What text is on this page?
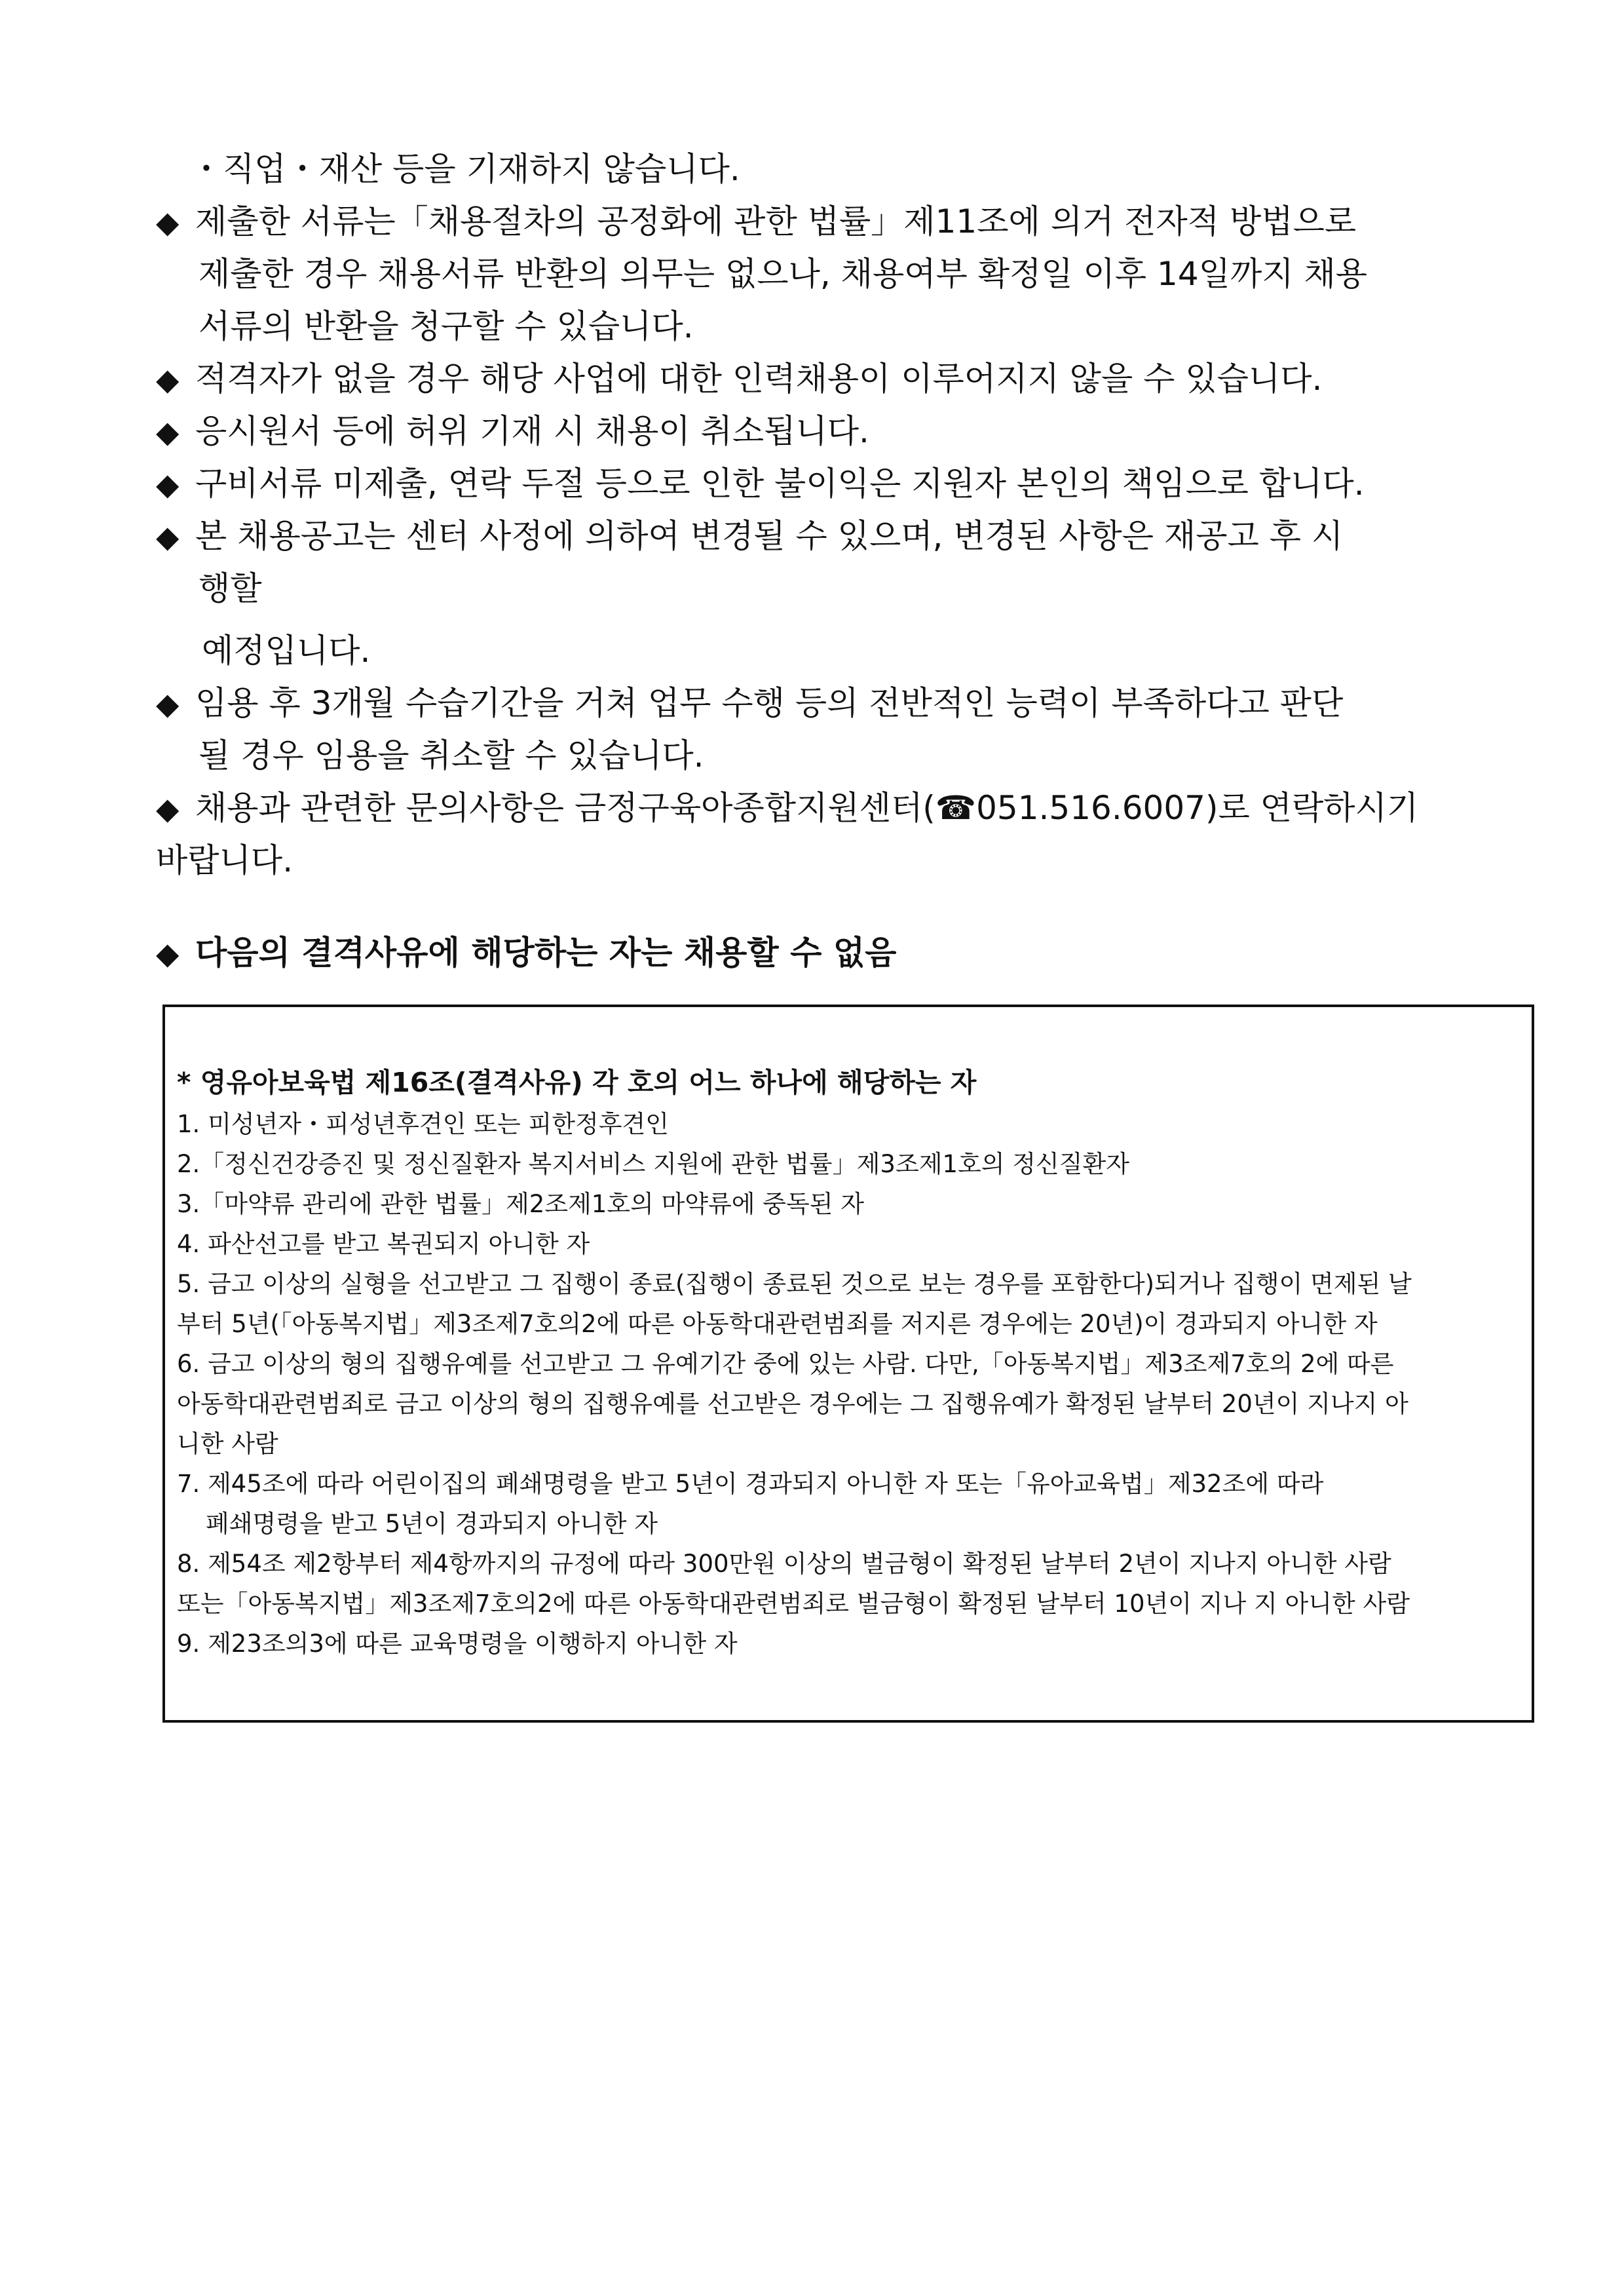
・직업・재산 등을 기재하지 않습니다.
◆ 제출한 서류는「채용절차의 공정화에 관한 법률」제11조에 의거 전자적 방법으로
제출한 경우 채용서류 반환의 의무는 없으나, 채용여부 확정일 이후 14일까지 채용
서류의 반환을 청구할 수 있습니다.
◆ 적격자가 없을 경우 해당 사업에 대한 인력채용이 이루어지지 않을 수 있습니다.
◆ 응시원서 등에 허위 기재 시 채용이 취소됩니다.
◆ 구비서류 미제출, 연락 두절 등으로 인한 불이익은 지원자 본인의 책임으로 합니다.
◆ 본 채용공고는 센터 사정에 의하여 변경될 수 있으며, 변경된 사항은 재공고 후 시
행할
예정입니다.
◆ 임용 후 3개월 수습기간을 거쳐 업무 수행 등의 전반적인 능력이 부족하다고 판단
될 경우 임용을 취소할 수 있습니다.
◆ 채용과 관련한 문의사항은 금정구육아종합지원센터(☎051.516.6007)로 연락하시기
바랍니다.
◆ 다음의 결격사유에 해당하는 자는 채용할 수 없음
* 영유아보육법 제16조(결격사유) 각 호의 어느 하나에 해당하는 자
1. 미성년자・피성년후견인 또는 피한정후견인
2.「정신건강증진 및 정신질환자 복지서비스 지원에 관한 법률」제3조제1호의 정신질환자
3.「마약류 관리에 관한 법률」제2조제1호의 마약류에 중독된 자
4. 파산선고를 받고 복권되지 아니한 자
5. 금고 이상의 실형을 선고받고 그 집행이 종료(집행이 종료된 것으로 보는 경우를 포함한다)되거나 집행이 면제된 날
부터 5년(「아동복지법」제3조제7호의2에 따른 아동학대관련범죄를 저지른 경우에는 20년)이 경과되지 아니한 자
6. 금고 이상의 형의 집행유예를 선고받고 그 유예기간 중에 있는 사람. 다만,「아동복지법」제3조제7호의 2에 따른
아동학대관련범죄로 금고 이상의 형의 집행유예를 선고받은 경우에는 그 집행유예가 확정된 날부터 20년이 지나지 아
니한 사람
7. 제45조에 따라 어린이집의 폐쇄명령을 받고 5년이 경과되지 아니한 자 또는「유아교육법」제32조에 따라
폐쇄명령을 받고 5년이 경과되지 아니한 자
8. 제54조 제2항부터 제4항까지의 규정에 따라 300만원 이상의 벌금형이 확정된 날부터 2년이 지나지 아니한 사람
또는「아동복지법」제3조제7호의2에 따른 아동학대관련범죄로 벌금형이 확정된 날부터 10년이 지나 지 아니한 사람
9. 제23조의3에 따른 교육명령을 이행하지 아니한 자
